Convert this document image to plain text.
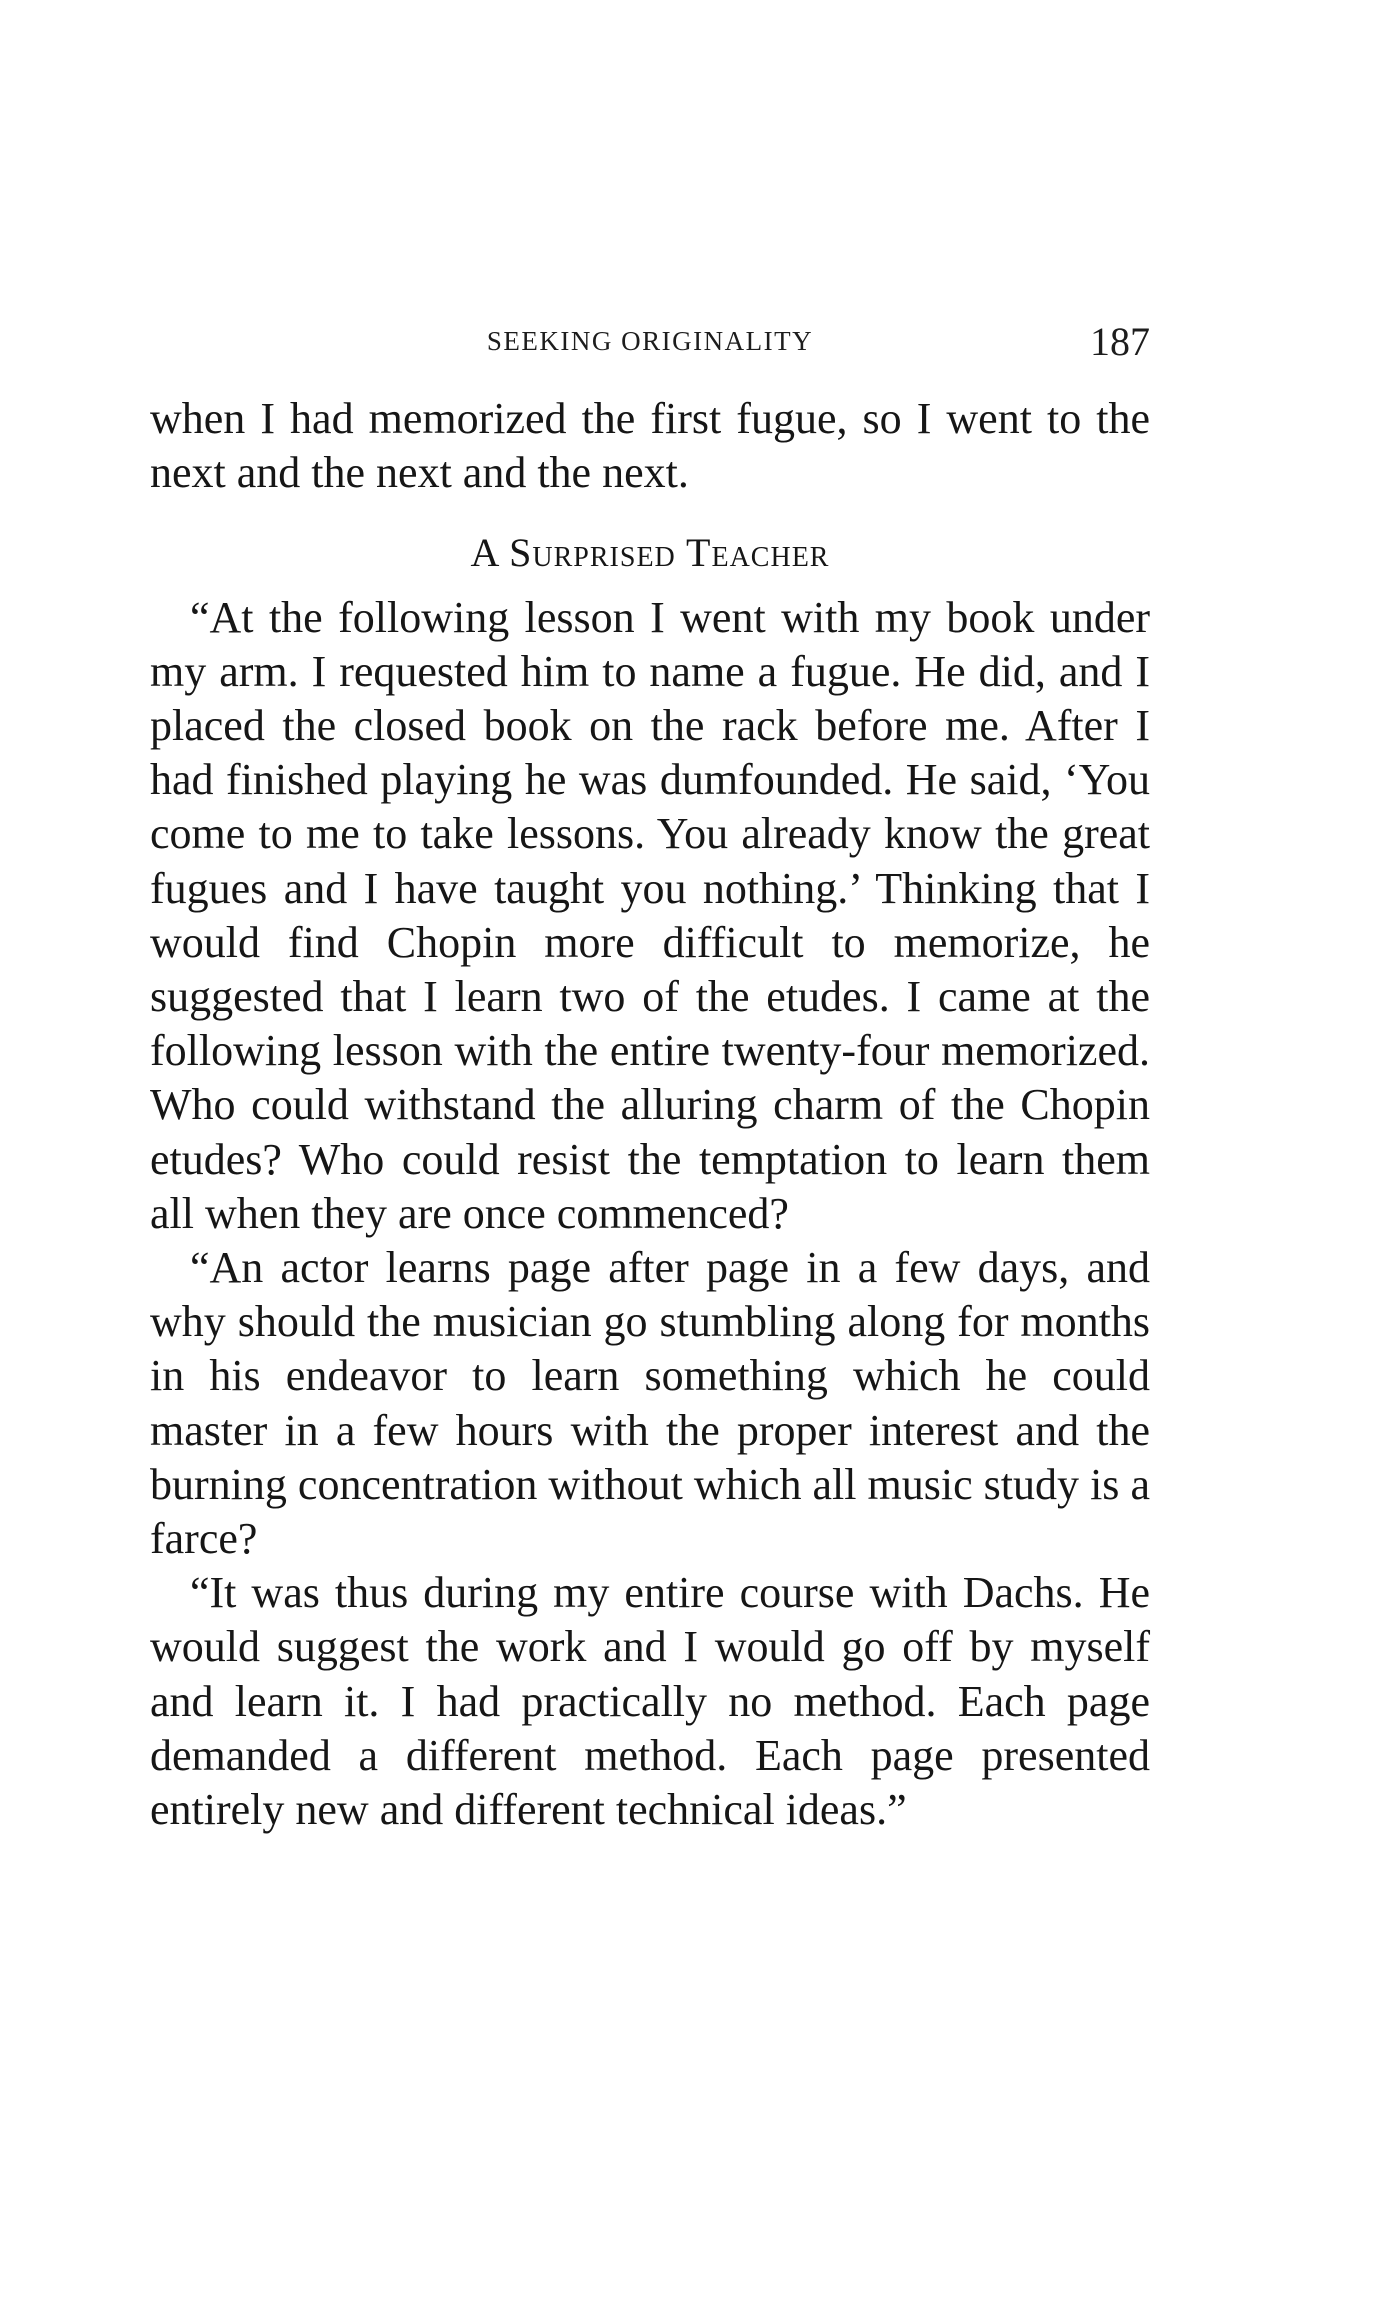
SEEKING ORIGINALITY	187

when I had memorized the first fugue, so I went to the next and the next and the next.

A Surprised Teacher

“At the following lesson I went with my book under my arm. I requested him to name a fugue. He did, and I placed the closed book on the rack before me. After I had finished playing he was dumfounded. He said, ‘You come to me to take lessons. You already know the great fugues and I have taught you nothing.’ Thinking that I would find Chopin more difficult to memorize, he suggested that I learn two of the etudes. I came at the following lesson with the entire twenty-four memorized. Who could withstand the alluring charm of the Chopin etudes? Who could resist the temptation to learn them all when they are once commenced?

“An actor learns page after page in a few days, and why should the musician go stumbling along for months in his endeavor to learn something which he could master in a few hours with the proper interest and the burning concentration without which all music study is a farce?

“It was thus during my entire course with Dachs. He would suggest the work and I would go off by myself and learn it. I had practically no method. Each page demanded a different method. Each page presented entirely new and different technical ideas.”
